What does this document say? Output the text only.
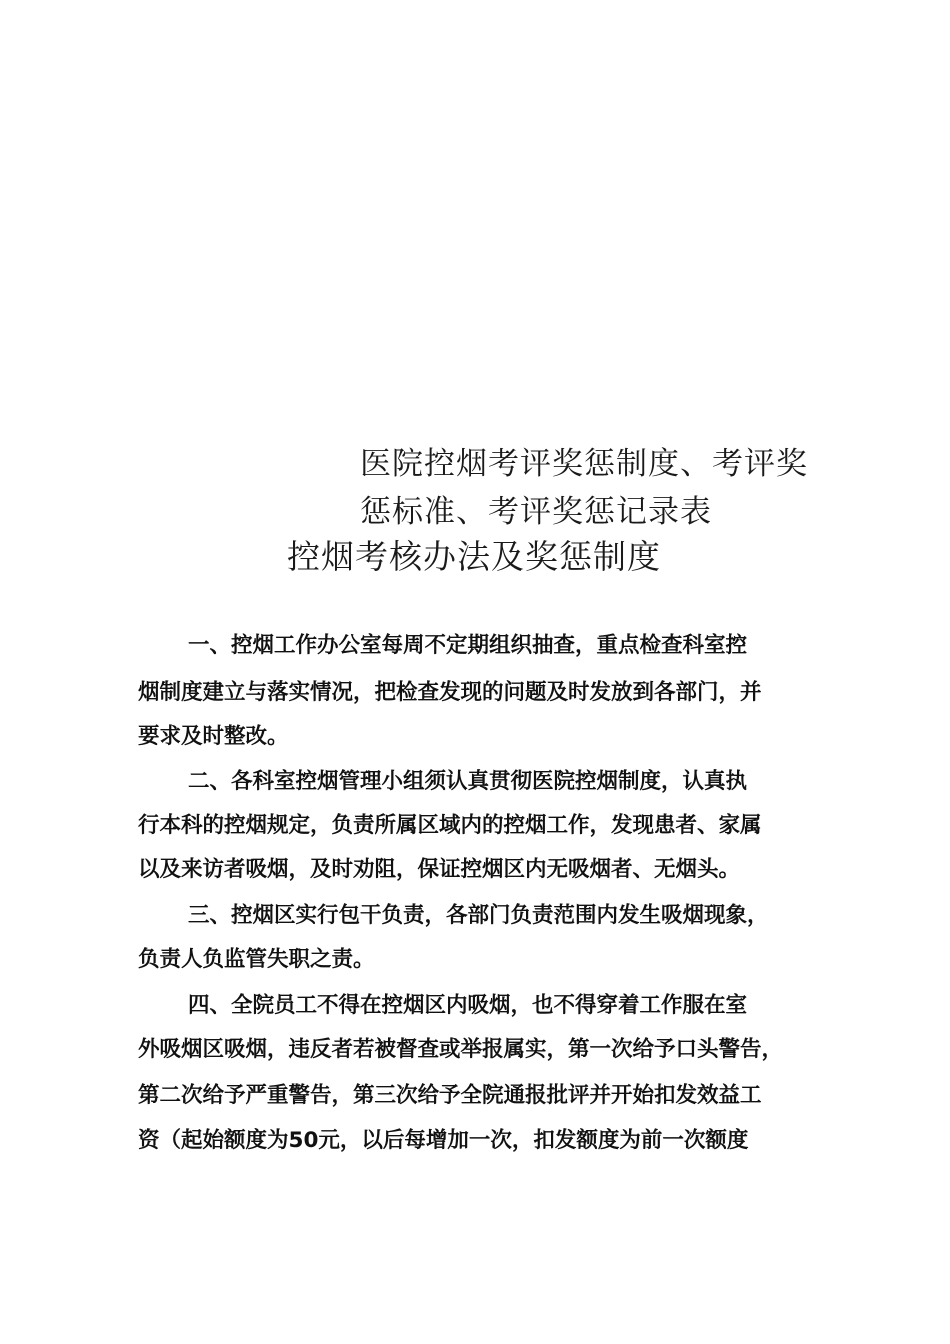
医院控烟考评奖惩制度、考评奖
惩标准、考评奖惩记录表
控烟考核办法及奖惩制度

一、控烟工作办公室每周不定期组织抽查，重点检查科室控

烟制度建立与落实情况，把检查发现的问题及时发放到各部门，并

要求及时整改。

二、各科室控烟管理小组须认真贯彻医院控烟制度，认真执

行本科的控烟规定，负责所属区域内的控烟工作，发现患者、家属

以及来访者吸烟，及时劝阻，保证控烟区内无吸烟者、无烟头。

三、控烟区实行包干负责，各部门负责范围内发生吸烟现象，

负责人负监管失职之责。

四、全院员工不得在控烟区内吸烟，也不得穿着工作服在室

外吸烟区吸烟，违反者若被督查或举报属实，第一次给予口头警告，

第二次给予严重警告，第三次给予全院通报批评并开始扣发效益工

资（起始额度为50元，以后每增加一次，扣发额度为前一次额度
